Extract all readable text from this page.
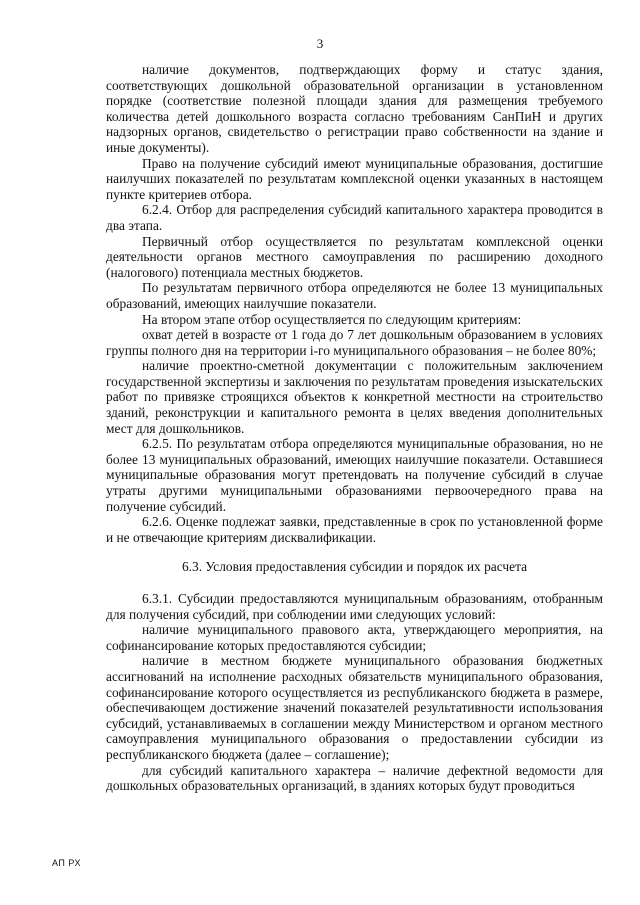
3

наличие документов, подтверждающих форму и статус здания, соответствующих дошкольной образовательной организации в установленном порядке (соответствие полезной площади здания для размещения требуемого количества детей дошкольного возраста согласно требованиям СанПиН и других надзорных органов, свидетельство о регистрации право собственности на здание и иные документы).

Право на получение субсидий имеют муниципальные образования, достигшие наилучших показателей по результатам комплексной оценки указанных в настоящем пункте критериев отбора.

6.2.4. Отбор для распределения субсидий капитального характера проводится в два этапа.

Первичный отбор осуществляется по результатам комплексной оценки деятельности органов местного самоуправления по расширению доходного (налогового) потенциала местных бюджетов.

По результатам первичного отбора определяются не более 13 муниципальных образований, имеющих наилучшие показатели.

На втором этапе отбор осуществляется по следующим критериям:

охват детей в возрасте от 1 года до 7 лет дошкольным образованием в условиях группы полного дня на территории i-го муниципального образования – не более 80%;

наличие проектно-сметной документации с положительным заключением государственной экспертизы и заключения по результатам проведения изыскательских работ по привязке строящихся объектов к конкретной местности на строительство зданий, реконструкции и капитального ремонта в целях введения дополнительных мест для дошкольников.

6.2.5. По результатам отбора определяются муниципальные образования, но не более 13 муниципальных образований, имеющих наилучшие показатели. Оставшиеся муниципальные образования могут претендовать на получение субсидий в случае утраты другими муниципальными образованиями первоочередного права на получение субсидий.

6.2.6. Оценке подлежат заявки, представленные в срок по установленной форме и не отвечающие критериям дисквалификации.

6.3. Условия предоставления субсидии и порядок их расчета

6.3.1. Субсидии предоставляются муниципальным образованиям, отобранным для получения субсидий, при соблюдении ими следующих условий:

наличие муниципального правового акта, утверждающего мероприятия, на софинансирование которых предоставляются субсидии;

наличие в местном бюджете муниципального образования бюджетных ассигнований на исполнение расходных обязательств муниципального образования, софинансирование которого осуществляется из республиканского бюджета в размере, обеспечивающем достижение значений показателей результативности использования субсидий, устанавливаемых в соглашении между Министерством и органом местного самоуправления муниципального образования о предоставлении субсидии из республиканского бюджета (далее – соглашение);

для субсидий капитального характера – наличие дефектной ведомости для дошкольных образовательных организаций, в зданиях которых будут проводиться

АП РХ
